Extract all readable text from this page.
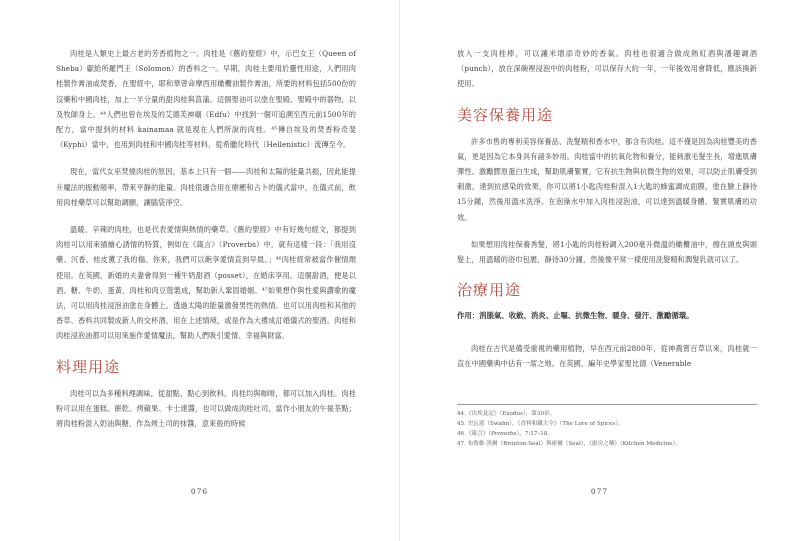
肉桂是人類史上最古老的芳香植物之一。肉桂是《舊約聖經》中，示巴女王（Queen of Sheba）獻給所羅門王（Solomon）的香料之一。早期，肉桂主要用於靈性用途，人們用肉桂製作膏油或焚香，在聖經中，耶和華曾命摩西用橄欖油製作膏油，所要的材料包括500份的沒藥和中國肉桂，加上一半分量的甜肉桂與菖蒲。這個聖油可以塗在聖殿、聖殿中的器物，以及牧師身上。⁴⁴人們也曾在埃及的艾德芙神廟（Edfu）中找到一個可追溯至西元前1500年的配方，當中提到的材料 kainamaa 就是現在人們所說的肉桂。⁴⁵傳自埃及的焚香粉奇斐（Kyphi）當中，也用到肉桂和中國肉桂等材料，從希臘化時代（Hellenistic）流傳至今。

現在，當代女巫焚燒肉桂的原因，基本上只有一個——肉桂和太陽的能量共振，因此能提升魔法的振動頻率，帶來平靜的能量。肉桂很適合用在療癒和占卜的儀式當中，在儀式前，飲用肉桂藥草可以幫助調願，讓腦袋淨空。

溫暖、辛辣的肉桂，也是代表愛情與熱情的藥草。《舊約聖經》中有好幾句經文，都提到肉桂可以用來描繪心誘情的特質，例如在《箴言》（Proverbs）中，就有這樣一段：「我用沒藥、沉香、桂皮薰了我的榻。你來，我們可以飽享愛情直到早晨。」⁴⁶肉桂經常被當作催情劑使用。在英國，新婚的夫妻會得到一種牛奶甜酒（posset），在婚床享用。這個甜酒，便是以酒、糖、牛奶、蛋黃、肉桂和肉豆蔻製成，幫助新人鞏固婚姻。⁴⁷如果想作與性愛與讚歌的魔法，可以用肉桂浸泡油塗在身體上，透過太陽的能量激發男性的熱情。也可以用肉桂和其他的香草、香料共同製成新人的交杯酒，用在上述情境，或是作為大禮成訂婚儀式的聖酒。肉桂和肉桂浸泡油都可以用來施作愛情魔法，幫助人們吸引愛情、幸福與財富。

料理用途

肉桂可以為多種料理調味，從甜點、點心到飲料，肉桂均與咖啡，都可以加入肉桂。肉桂粉可以用在蛋糕、餅乾、烤蘋果、卡士達醬，也可以做成肉桂吐司。當作小朋友的午後茶點；將肉桂粉混入奶油與糖，作為烤土司的抹醬，意來般的時候

076

放入一支肉桂棒，可以讓米增添奇妙的香氣。肉桂也很適合做成熱紅酒與潘趣調酒（punch），放在深碗裡浸泡中的肉桂粉，可以保存大約一年，一年後效用會降低，應該換新使用。

美容保養用途

許多市售的專利美容保養品、洗髮精和香水中，都含有肉桂。這不僅是因為肉桂豐美的香氣，更是因為它本身具有諸多妙用。肉桂當中的抗氧化物和養分，能刺激毛髮生長，增進肌膚彈性、激勵膠原蛋白生成，幫助肌膚緊實，它有抗生物與抗微生物的效果，可以防止肌膚受到刺激，達到抗感染的效果，你可以將1小匙肉桂粉混入1大匙的蜂蜜調成面膜，塗在臉上靜待15分鐘，然後用溫水洗淨。在泡澡水中加入肉桂浸泡油，可以達到溫暖身體、緊實肌膚的功效。

如果想用肉桂保養秀髮，將1小匙的肉桂粉調入200毫升微溫的橄欖油中，擦在頭皮與頭髮上，用溫暖的浴巾包裹，靜待30分鐘，然後像平常一樣使用洗髮精和潤髮乳就可以了。

治療用途
作用：消脹氣、收斂、消炎、止嘔、抗微生物、暖身、發汗、激勵循環。

肉桂在古代是備受重視的藥用植物，早在西元前2800年，從神農嘗百草以來，肉桂就一直在中國藥典中佔有一席之地。在英國，編年史學家聖比德（Venerable

44.《出埃及記》（Exodus），第30章。
45. 史瓦恩（Swahn），《香料和鐵大全》（The Lore of Spices）。
46.《箴言》（Proverbs），7:17–18。
47. 布魯維-黑爾（Brunton-Seal）與密爾（Seal），《廚房之藥》（Kitchen Medicine）。
077
